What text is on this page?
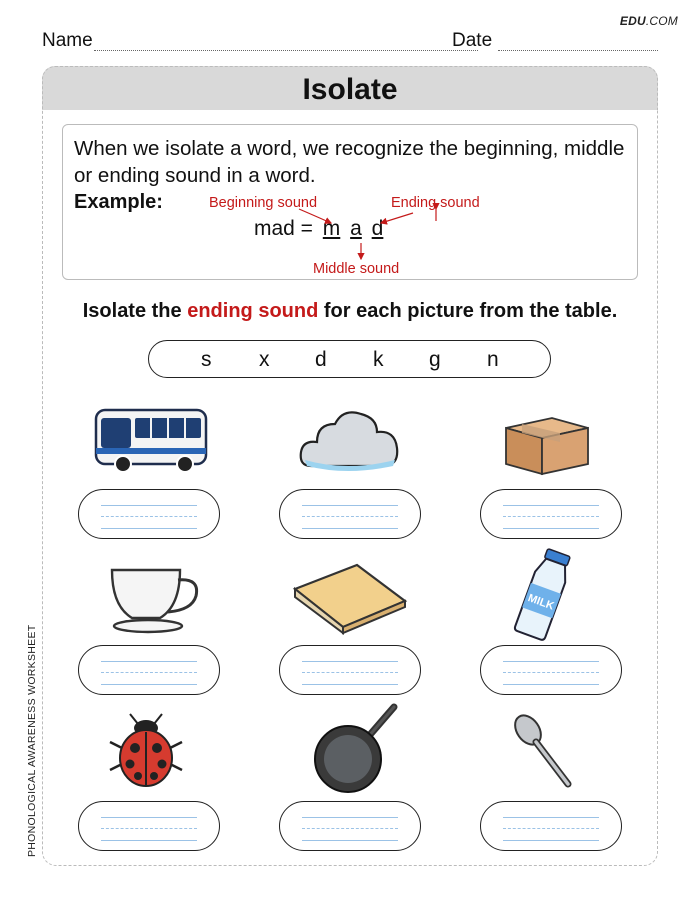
EDU.COM
Name	Date
PHONOLOGICAL AWARENESS WORKSHEET
Isolate
When we isolate a word, we recognize the beginning, middle or ending sound in a word.
Example:	Beginning sound	Ending sound
mad = m a d
Middle sound
Isolate the ending sound for each picture from the table.
s x d k g n
MILK
